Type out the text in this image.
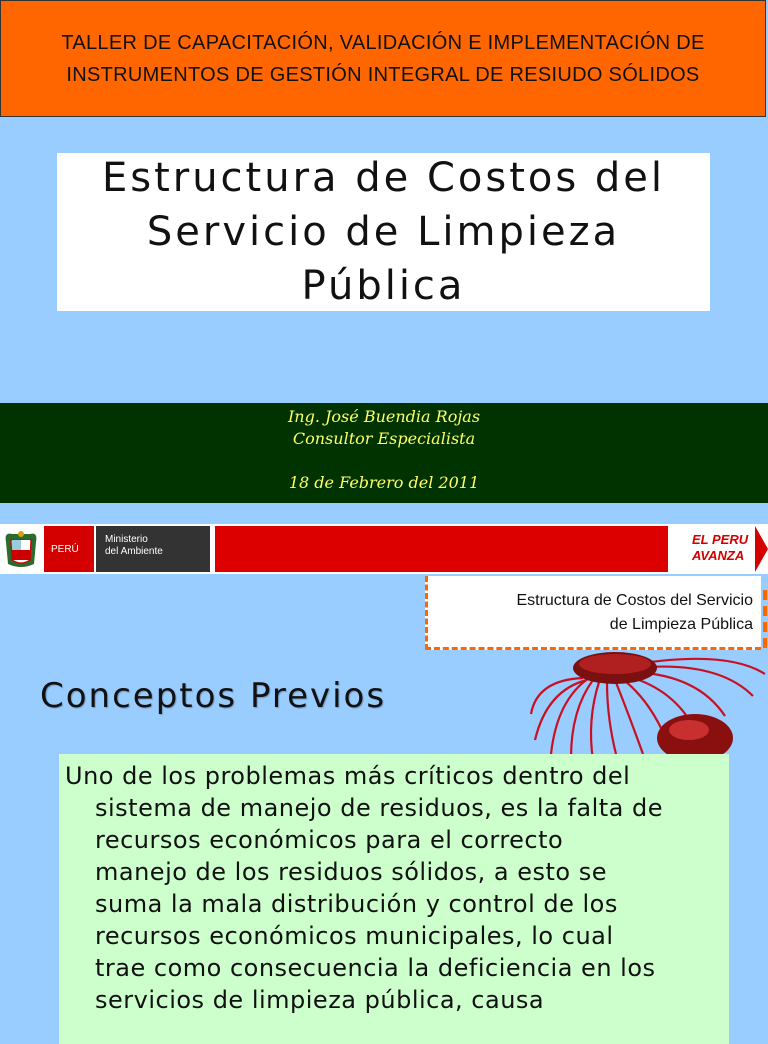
TALLER DE CAPACITACIÓN, VALIDACIÓN E IMPLEMENTACIÓN DE
INSTRUMENTOS DE GESTIÓN INTEGRAL DE RESIUDO SÓLIDOS
Estructura de Costos del
Servicio de Limpieza
Pública
Ing. José Buendia Rojas
Consultor Especialista
18 de Febrero del 2011
PERÚ
Ministerio
del Ambiente
EL PERU
AVANZA
Estructura de Costos del Servicio
de Limpieza Pública
Conceptos Previos
Uno de los problemas más críticos dentro del
sistema de manejo de residuos, es la falta de
recursos económicos para el correcto
manejo de los residuos sólidos, a esto se
suma la mala distribución y control de los
recursos económicos municipales, lo cual
trae como consecuencia la deficiencia en los
servicios de limpieza pública, causa
